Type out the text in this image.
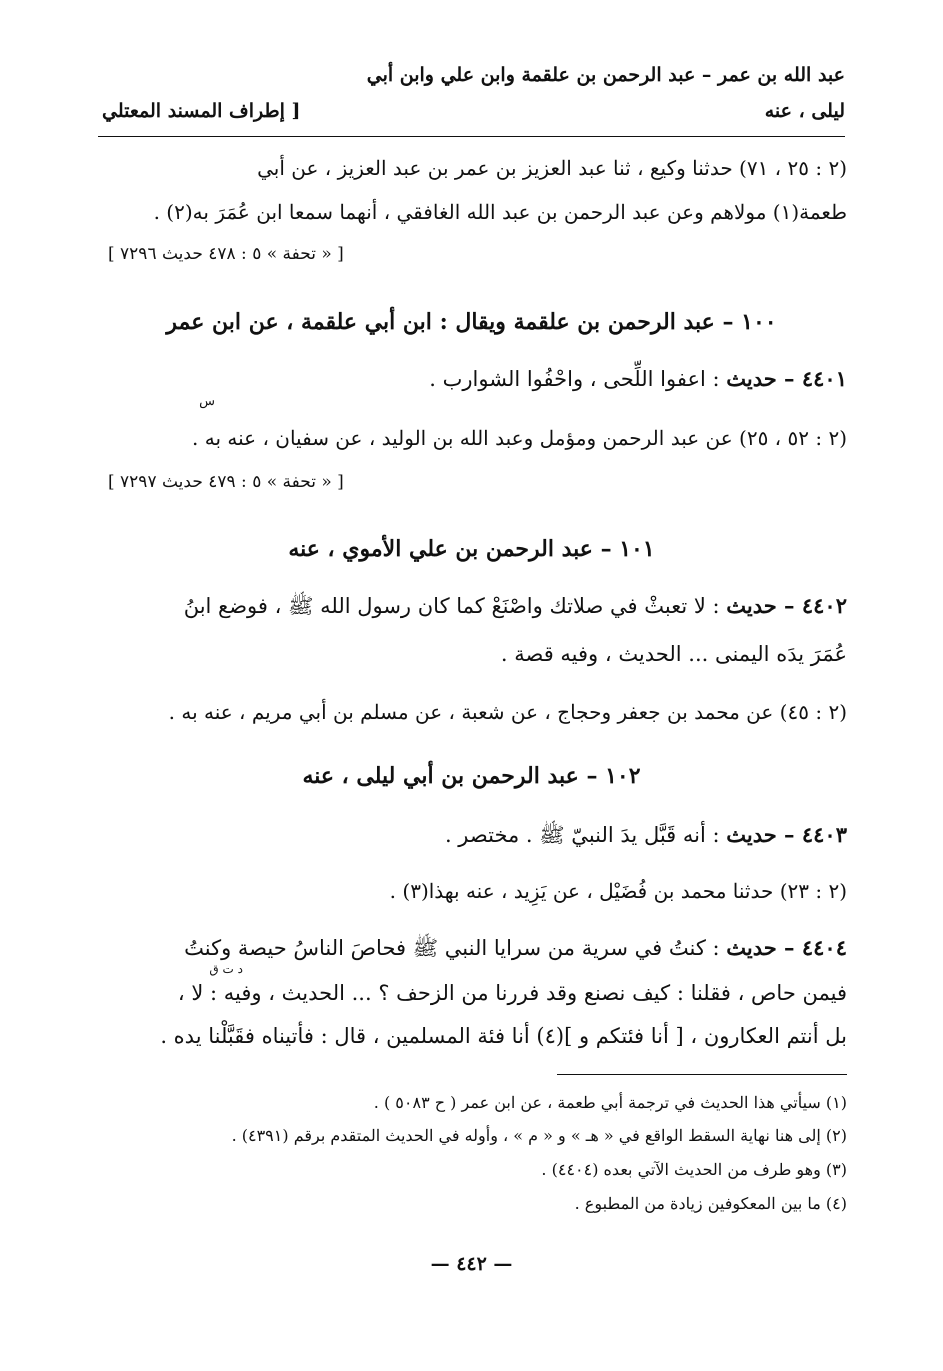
عبد الله بن عمر – عبد الرحمن بن علقمة وابن علي وابن أبي
ليلى ، عنه
[ إطراف المسند المعتلي
(٢ : ٢٥ ، ٧١) حدثنا وكيع ، ثنا عبد العزيز بن عمر بن عبد العزيز ، عن أبي
طعمة(١) مولاهم وعن عبد الرحمن بن عبد الله الغافقي ، أنهما سمعا ابن عُمَرَ به(٢) .
[ « تحفة » ٥ : ٤٧٨ حديث ٧٢٩٦ ]
١٠٠ – عبد الرحمن بن علقمة ويقال : ابن أبي علقمة ، عن ابن عمر
٤٤٠١ – حديث : اعفوا اللِّحى ، واحْفُوا الشوارب .
س
(٢ : ٥٢ ، ٢٥) عن عبد الرحمن ومؤمل وعبد الله بن الوليد ، عن سفيان ، عنه به .
[ « تحفة » ٥ : ٤٧٩ حديث ٧٢٩٧ ]
١٠١ – عبد الرحمن بن علي الأموي ، عنه
٤٤٠٢ – حديث : لا تعبثْ في صلاتك واصْنَعْ كما كان رسول الله ﷺ ، فوضع ابنُ
عُمَرَ يدَه اليمنى ... الحديث ، وفيه قصة .
(٢ : ٤٥) عن محمد بن جعفر وحجاج ، عن شعبة ، عن مسلم بن أبي مريم ، عنه به .
١٠٢ – عبد الرحمن بن أبي ليلى ، عنه
٤٤٠٣ – حديث : أنه قَبَّل يدَ النبيّ ﷺ . مختصر .
(٢ : ٢٣) حدثنا محمد بن فُضَيْل ، عن يَزِيد ، عنه بهذا(٣) .
٤٤٠٤ – حديث : كنتُ في سرية من سرايا النبي ﷺ فحاصَ الناسُ حيصة وكنتُ
د ت ق
فيمن حاص ، فقلنا : كيف نصنع وقد فررنا من الزحف ؟ ... الحديث ، وفيه : لا ،
بل أنتم العكارون ، [ أنا فئتكم و ](٤) أنا فئة المسلمين ، قال : فأتيناه فقَبَّلْنا يده .
(١) سيأتي هذا الحديث في ترجمة أبي طعمة ، عن ابن عمر ( ح ٥٠٨٣ ) .
(٢) إلى هنا نهاية السقط الواقع في « هـ » و « م » ، وأوله في الحديث المتقدم برقم (٤٣٩١) .
(٣) وهو طرف من الحديث الآتي بعده (٤٤٠٤) .
(٤) ما بين المعكوفين زيادة من المطبوع .
— ٤٤٢ —
